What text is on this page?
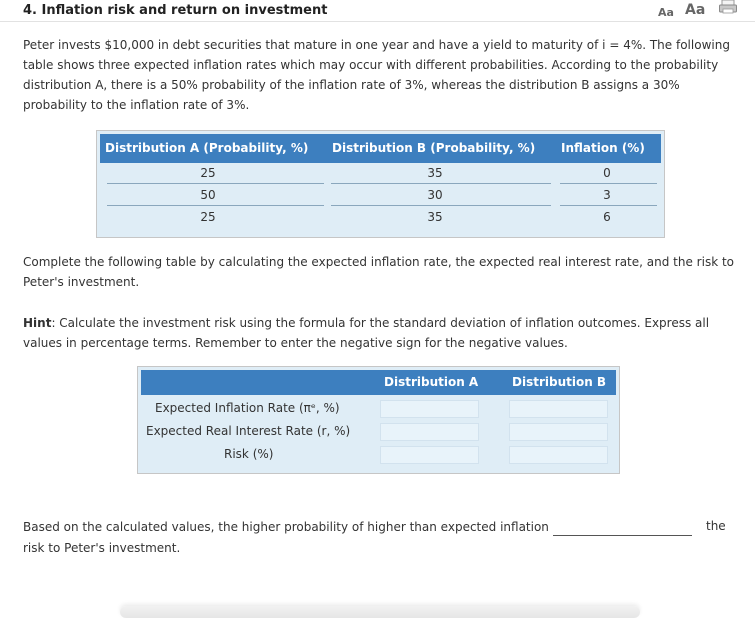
4. Inflation risk and return on investment	Aa Aa
Peter invests $10,000 in debt securities that mature in one year and have a yield to maturity of i = 4%. The following table shows three expected inflation rates which may occur with different probabilities. According to the probability distribution A, there is a 50% probability of the inflation rate of 3%, whereas the distribution B assigns a 30% probability to the inflation rate of 3%.
Distribution A (Probability, %) Distribution B (Probability, %) Inflation (%)
25	35	0
50	30	3
25	35	6
Complete the following table by calculating the expected inflation rate, the expected real interest rate, and the risk to Peter's investment.
Hint: Calculate the investment risk using the formula for the standard deviation of inflation outcomes. Express all values in percentage terms. Remember to enter the negative sign for the negative values.
Distribution A	Distribution B
Expected Inflation Rate (πᵉ, %)
Expected Real Interest Rate (r, %)
Risk (%)
Based on the calculated values, the higher probability of higher than expected inflation risk to Peter's investment.
the
